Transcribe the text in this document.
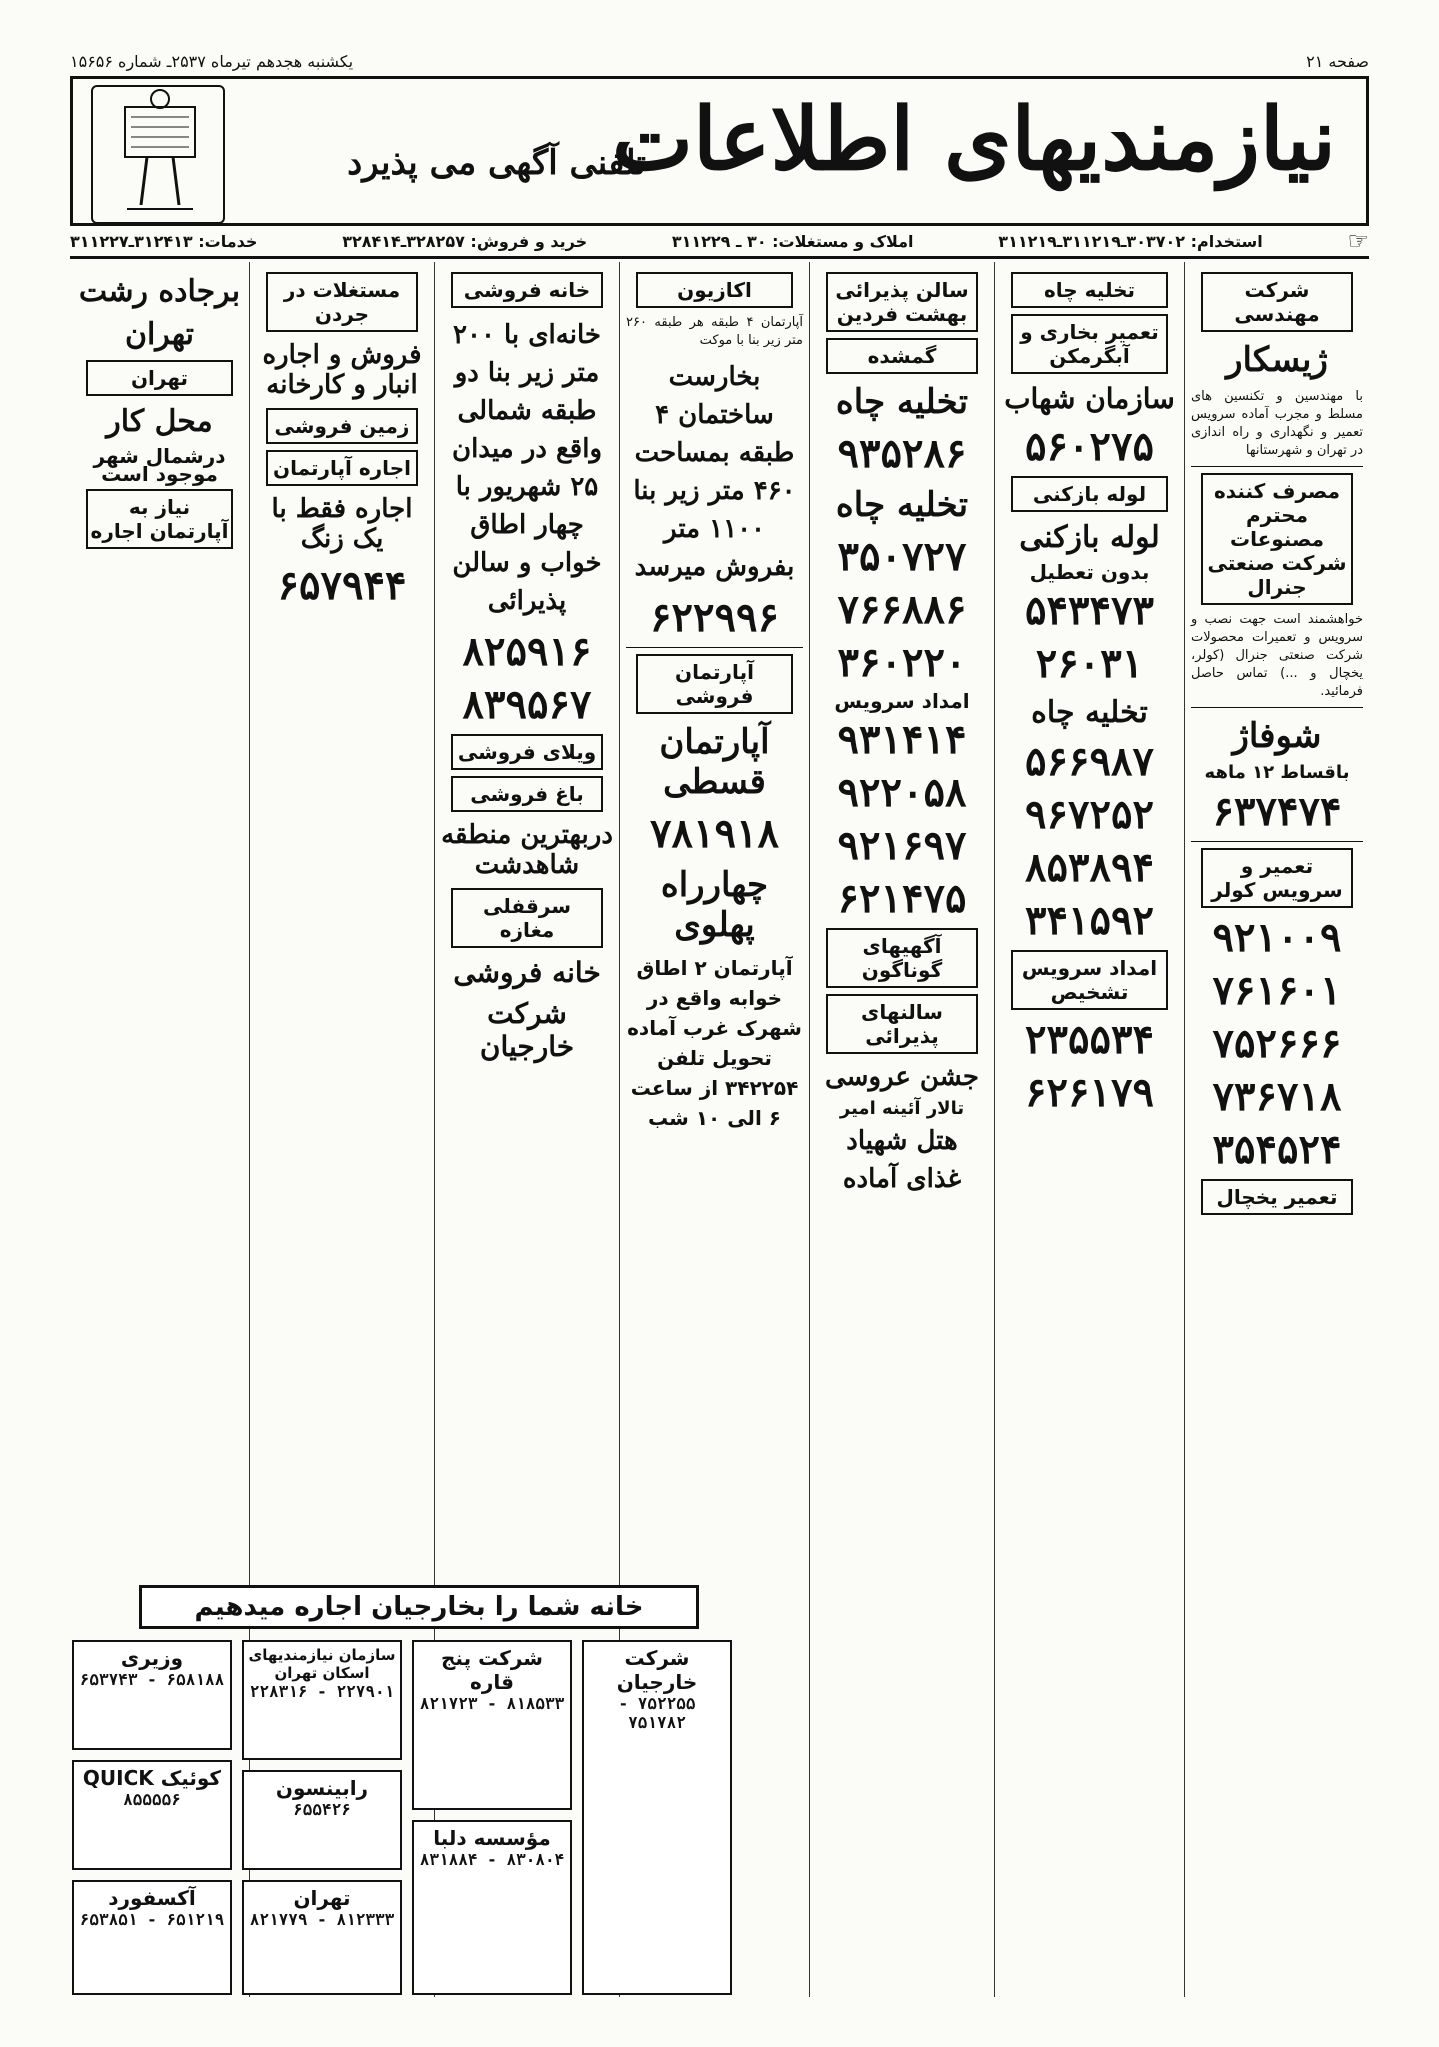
صفحه ۲۱
یکشنبه هجدهم تیرماه ۲۵۳۷ـ شماره ۱۵۶۵۶
نیازمندیهای اطلاعات
تلفنی آگهی می پذیرد
☞
استخدام: ۳۰۳۷۰۲ـ۳۱۱۲۱۹ـ۳۱۱۲۱۹
املاک و مستغلات: ۳۰ ـ ۳۱۱۲۲۹
خرید و فروش: ۳۲۸۲۵۷ـ۳۲۸۴۱۴
خدمات: ۳۱۲۴۱۳ـ۳۱۱۲۲۷
شرکت مهندسی
ژیسکار
با مهندسین و تکنسین های مسلط و مجرب آماده سرویس تعمیر و نگهداری و راه اندازی در تهران و شهرستانها
مصرف کننده محترم مصنوعات شرکت صنعتی جنرال
خواهشمند است جهت نصب و سرویس و تعمیرات محصولات شرکت صنعتی جنرال (کولر، یخچال و ...) تماس حاصل فرمائید.
شوفاژ
باقساط ۱۲ ماهه
۶۳۷۴۷۴
تعمیر و سرویس کولر
۹۲۱۰۰۹
۷۶۱۶۰۱
۷۵۲۶۶۶
۷۳۶۷۱۸
۳۵۴۵۲۴
تعمیر یخچال
تخلیه چاه
تعمیر بخاری و آبگرمکن
سازمان شهاب
۵۶۰۲۷۵
لوله بازکنی
لوله بازکنی
بدون تعطیل
۵۴۳۴۷۳
۲۶۰۳۱
تخلیه چاه
۵۶۶۹۸۷
۹۶۷۲۵۲
۸۵۳۸۹۴
۳۴۱۵۹۲
امداد سرویس تشخیص
۲۳۵۵۳۴
۶۲۶۱۷۹
سالن پذیرائی بهشت فردین
گمشده
تخلیه چاه
۹۳۵۲۸۶
تخلیه چاه
۳۵۰۷۲۷
۷۶۶۸۸۶
۳۶۰۲۲۰
امداد سرویس
۹۳۱۴۱۴
۹۲۲۰۵۸
۹۲۱۶۹۷
۶۲۱۴۷۵
آگهیهای گوناگون
سالنهای پذیرائی
جشن عروسی
تالار آئینه امیر
هتل شهیاد
غذای آماده
اکازیون
آپارتمان ۴ طبقه هر طبقه ۲۶۰ متر زیر بنا با موکت
بخارست ساختمان ۴ طبقه بمساحت ۴۶۰ متر زیر بنا ۱۱۰۰ متر بفروش میرسد
۶۲۲۹۹۶
آپارتمان فروشی
آپارتمان قسطی
۷۸۱۹۱۸
چهارراه پهلوی
آپارتمان ۲ اطاق خوابه واقع در شهرک غرب آماده تحویل تلفن ۳۴۲۲۵۴ از ساعت ۶ الی ۱۰ شب
خانه فروشی
خانه‌ای با ۲۰۰ متر زیر بنا دو طبقه شمالی واقع در میدان ۲۵ شهریور با چهار اطاق خواب و سالن پذیرائی
۸۲۵۹۱۶
۸۳۹۵۶۷
ویلای فروشی
باغ فروشی
دربهترین منطقه شاهدشت
سرقفلی مغازه
خانه فروشی
شرکت خارجیان
مستغلات در جردن
فروش و اجاره انبار و کارخانه
زمین فروشی
اجاره آپارتمان
اجاره فقط با یک زنگ
۶۵۷۹۴۴
برجاده رشت
تهران
تهران
محل کار
درشمال شهر موجود است
نیاز به آپارتمان اجاره
خانه شما را بخارجیان اجاره میدهیم
وزیری
۶۵۸۱۸۸ - ۶۵۳۷۴۳
کوئیک QUICK
۸۵۵۵۵۶
آکسفورد
۶۵۱۲۱۹ - ۶۵۳۸۵۱
سازمان نیازمندیهای اسکان تهران
۲۲۷۹۰۱ - ۲۲۸۳۱۶
رابینسون
۶۵۵۴۲۶
تهران
۸۱۲۳۳۳ - ۸۲۱۷۷۹
شرکت پنج قاره
۸۱۸۵۳۳ - ۸۲۱۷۲۳
مؤسسه دلبا
۸۳۰۸۰۴ - ۸۳۱۸۸۴
شرکت خارجیان
۷۵۲۲۵۵ - ۷۵۱۷۸۲
